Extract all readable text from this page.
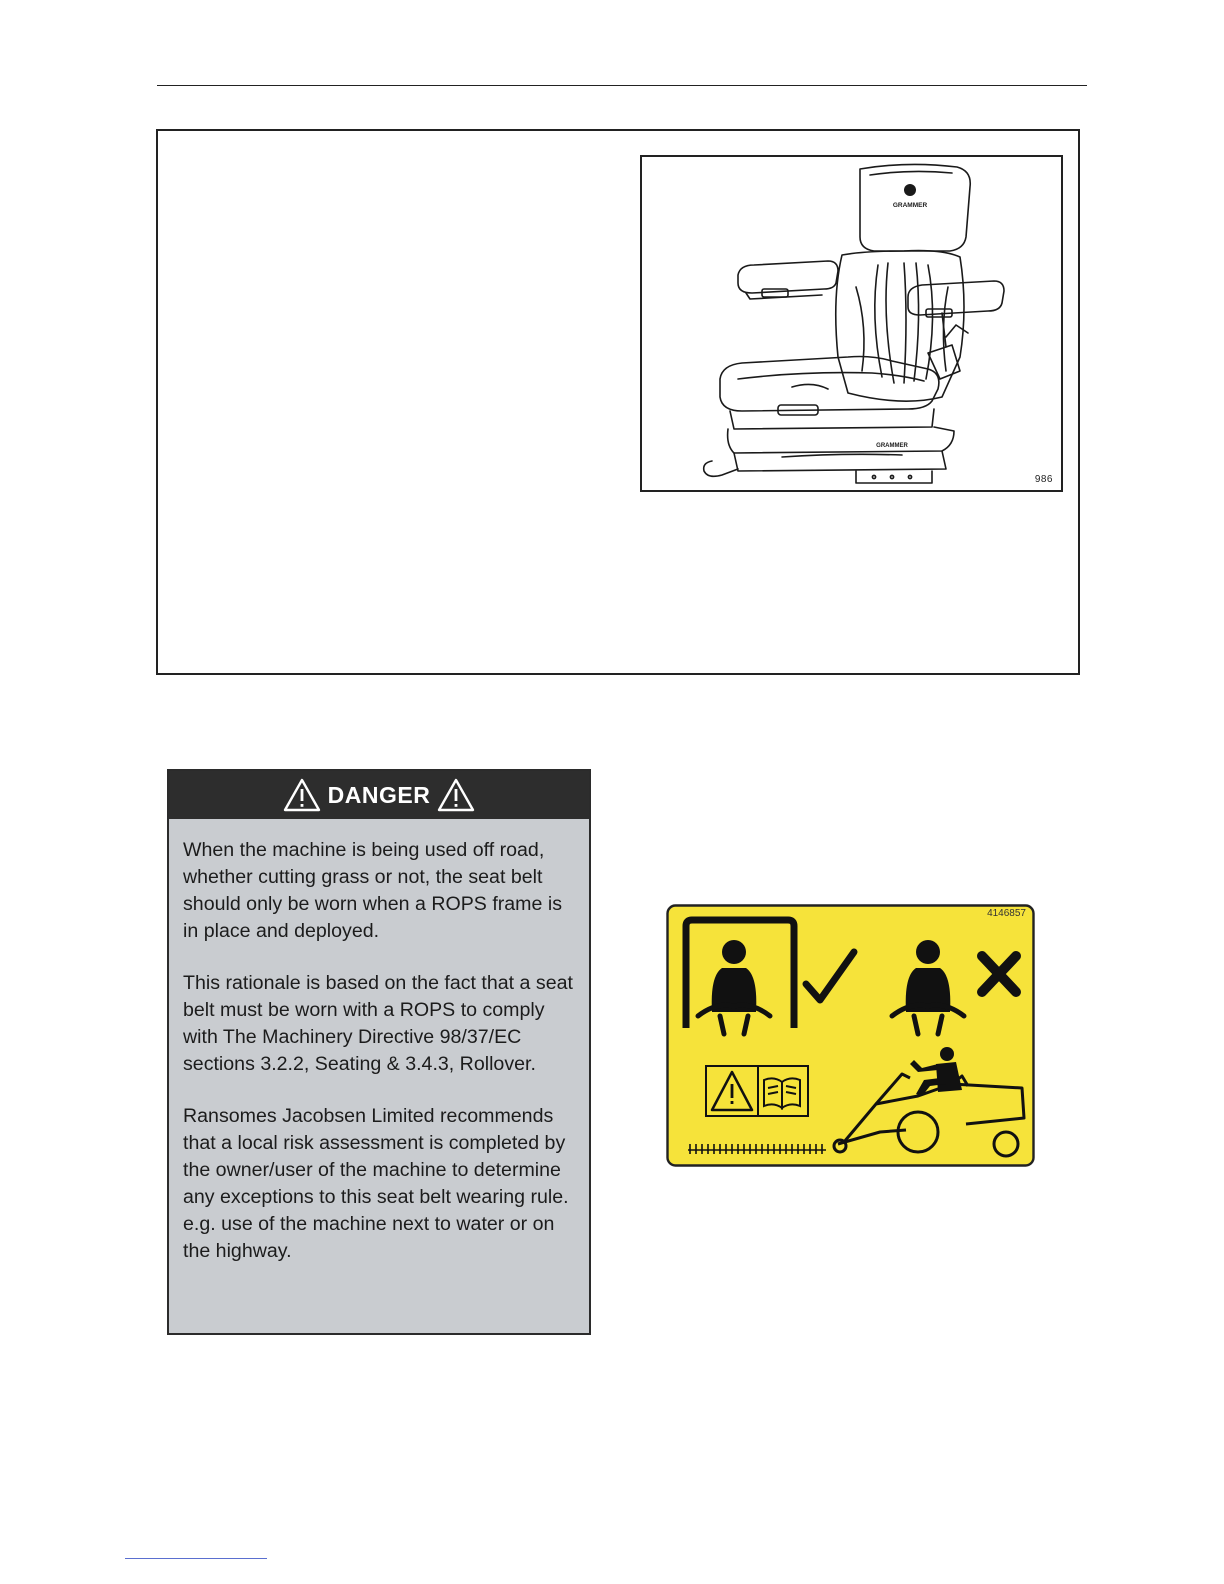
GRAMMER
GRAMMER
986
DANGER

When the machine is being used off road, whether cutting grass or not, the seat belt should only be worn when a ROPS frame is in place and deployed.

This rationale is based on the fact that a seat belt must be worn with a ROPS to comply with The Machinery Directive 98/37/EC sections 3.2.2, Seating & 3.4.3, Rollover.

Ransomes Jacobsen Limited recommends that a local risk assessment is completed by the owner/user of the machine to determine any exceptions to this seat belt wearing rule. e.g. use of the machine next to water or on the highway.

4146857
